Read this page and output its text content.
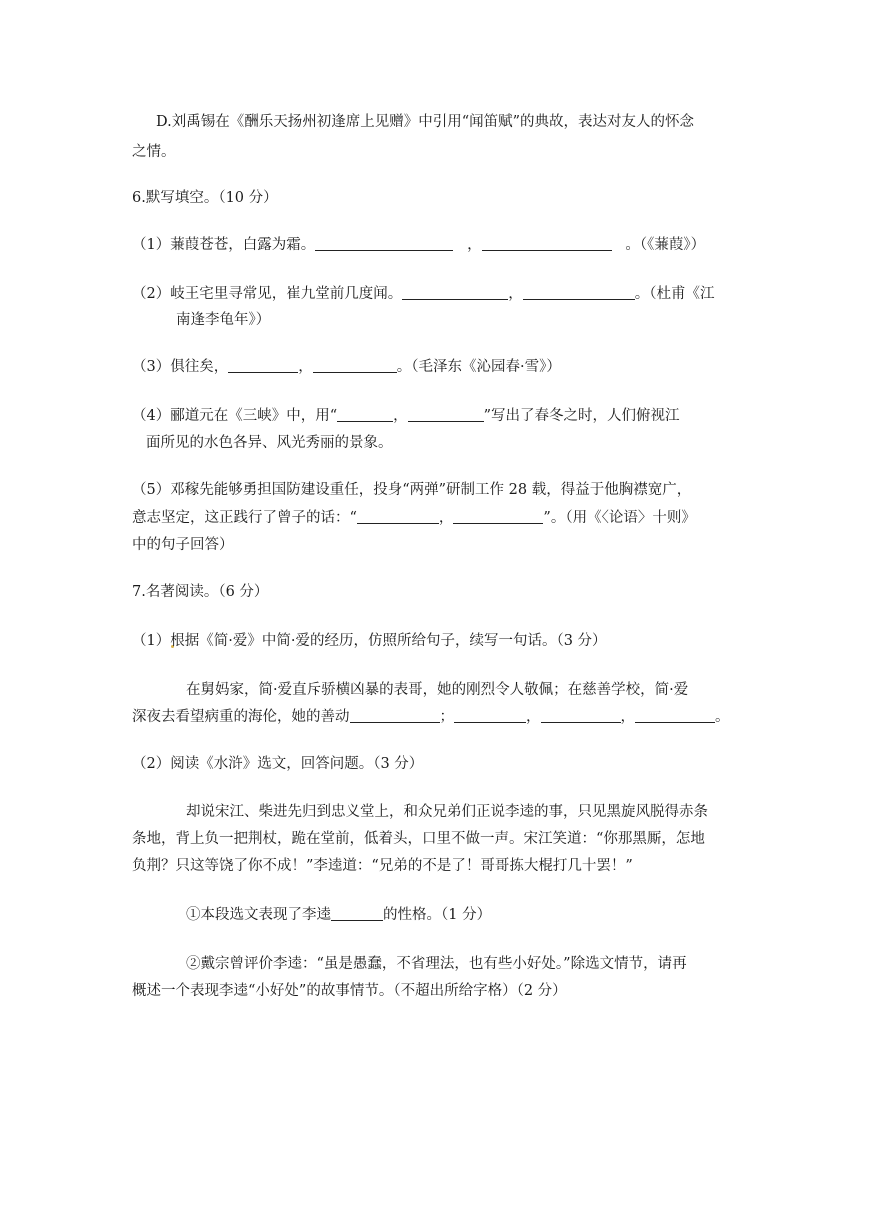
D.刘禹锡在《酬乐天扬州初逢席上见赠》中引用“闻笛赋”的典故，表达对友人的怀念
之情。
6.默写填空。（10 分）
（1）蒹葭苍苍，白露为霜。	，	。（《蒹葭》）
（2）岐王宅里寻常见，崔九堂前几度闻。	，	。（杜甫《江
南逢李龟年》）
（3）俱往矣，	，	。（毛泽东《沁园春·雪》）
（4）郦道元在《三峡》中，用“	，	”写出了春冬之时，人们俯视江
面所见的水色各异、风光秀丽的景象。
（5）邓稼先能够勇担国防建设重任，投身“两弹”研制工作 28 载，得益于他胸襟宽广，
意志坚定，这正践行了曾子的话：“	，	”。（用《〈论语〉十则》
中的句子回答）
7.名著阅读。（6 分）
（1）根据《简·爱》中简·爱的经历，仿照所给句子，续写一句话。（3 分）
在舅妈家，简·爱直斥骄横凶暴的表哥，她的刚烈令人敬佩；在慈善学校，简·爱
深夜去看望病重的海伦，她的善动	；	，	，	。
（2）阅读《水浒》选文，回答问题。（3 分）
却说宋江、柴进先归到忠义堂上，和众兄弟们正说李逵的事，只见黑旋风脱得赤条
条地，背上负一把荆杖，跪在堂前，低着头，口里不做一声。宋江笑道：“你那黑厮，怎地
负荆？只这等饶了你不成！”李逵道：“兄弟的不是了！哥哥拣大棍打几十罢！”
①本段选文表现了李逵	的性格。（1 分）
②戴宗曾评价李逵：“虽是愚蠢，不省理法，也有些小好处。”除选文情节，请再
概述一个表现李逵“小好处”的故事情节。（不超出所给字格）（2 分）
